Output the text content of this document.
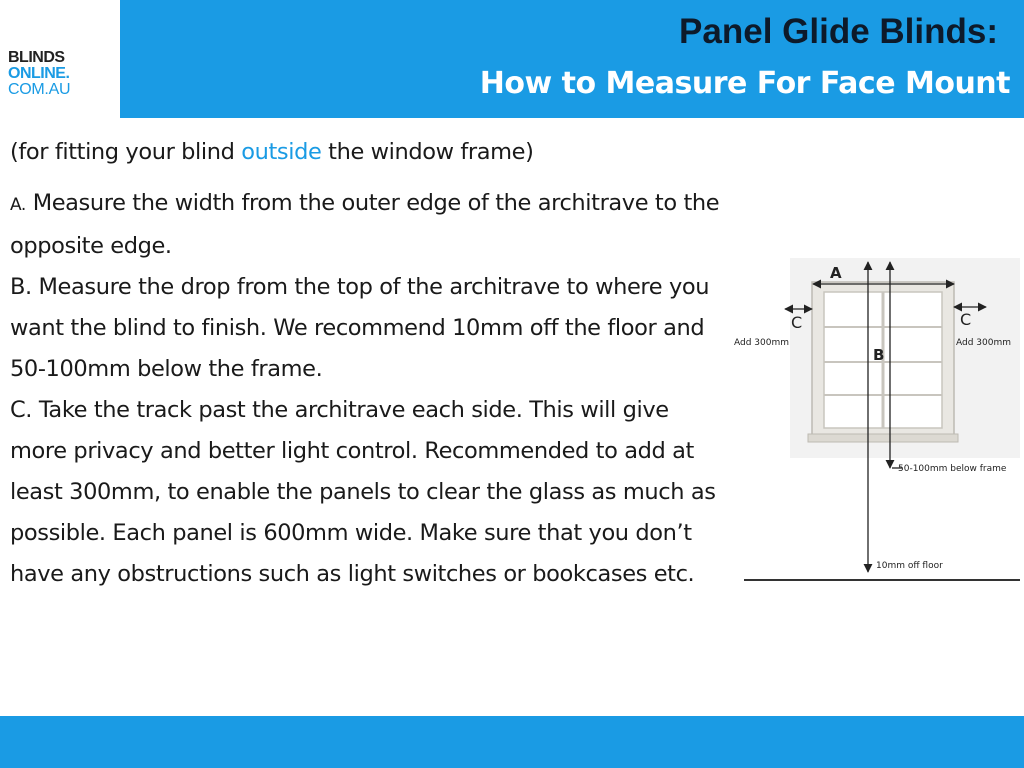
BLINDS
ONLINE.
COM.AU
Panel Glide Blinds:
How to Measure For Face Mount
(for fitting your blind outside the window frame)

A. Measure the width from the outer edge of the architrave to the opposite edge.

B. Measure the drop from the top of the architrave to where you want the blind to finish. We recommend 10mm off the floor and 50-100mm below the frame.

C. Take the track past the architrave each side. This will give more privacy and better light control. Recommended to add at least 300mm, to enable the panels to clear the glass as much as possible. Each panel is 600mm wide. Make sure that you don’t have any obstructions such as light switches or bookcases etc.

A
B
50-100mm below frame
C
Add 300mm
C
Add 300mm
10mm off floor
